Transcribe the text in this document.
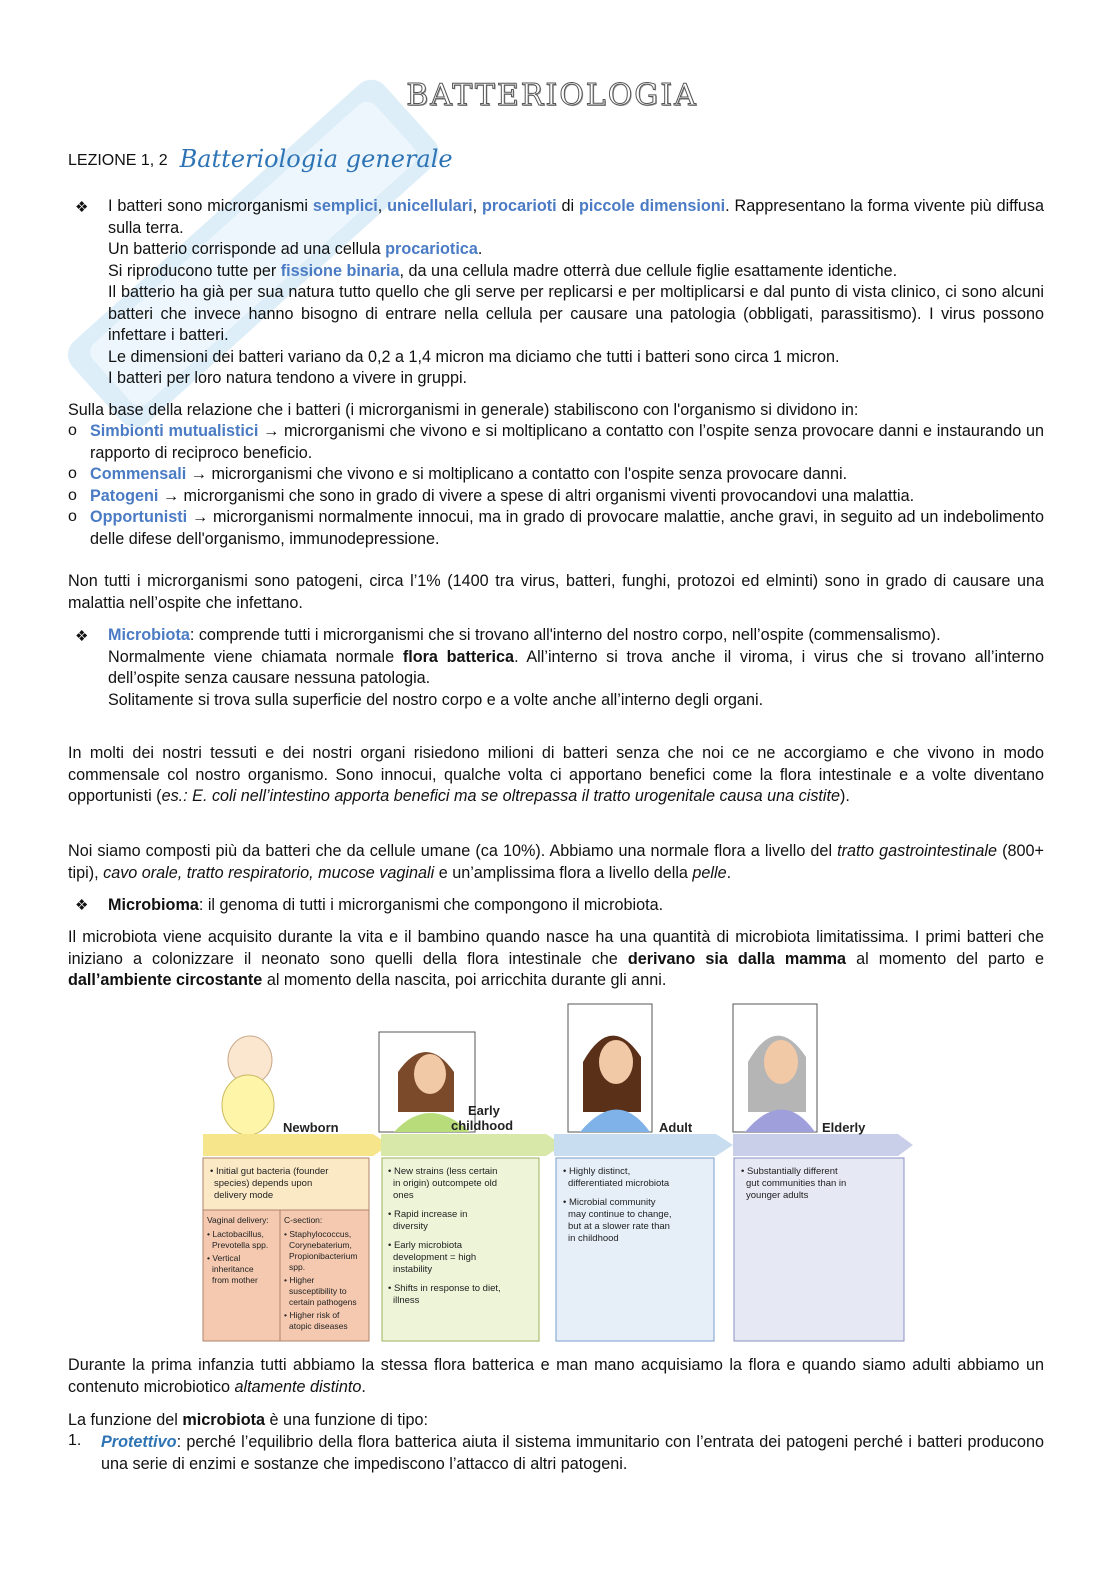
BATTERIOLOGIA
LEZIONE 1, 2 Batteriologia generale
❖ I batteri sono microrganismi semplici, unicellulari, procarioti di piccole dimensioni. Rappresentano la forma vivente più diffusa sulla terra.

Un batterio corrisponde ad una cellula procariotica.

Si riproducono tutte per fissione binaria, da una cellula madre otterrà due cellule figlie esattamente identiche.

Il batterio ha già per sua natura tutto quello che gli serve per replicarsi e per moltiplicarsi e dal punto di vista clinico, ci sono alcuni batteri che invece hanno bisogno di entrare nella cellula per causare una patologia (obbligati, parassitismo). I virus possono infettare i batteri.

Le dimensioni dei batteri variano da 0,2 a 1,4 micron ma diciamo che tutti i batteri sono circa 1 micron.

I batteri per loro natura tendono a vivere in gruppi.

Sulla base della relazione che i batteri (i microrganismi in generale) stabiliscono con l'organismo si dividono in:
o Simbionti mutualistici → microrganismi che vivono e si moltiplicano a contatto con l’ospite senza provocare danni e instaurando un rapporto di reciproco beneficio.
o Commensali → microrganismi che vivono e si moltiplicano a contatto con l'ospite senza provocare danni.
o Patogeni → microrganismi che sono in grado di vivere a spese di altri organismi viventi provocandovi una malattia.
o Opportunisti → microrganismi normalmente innocui, ma in grado di provocare malattie, anche gravi, in seguito ad un indebolimento delle difese dell'organismo, immunodepressione.
Non tutti i microrganismi sono patogeni, circa l’1% (1400 tra virus, batteri, funghi, protozoi ed elminti) sono in grado di causare una malattia nell’ospite che infettano.
❖ Microbiota: comprende tutti i microrganismi che si trovano all'interno del nostro corpo, nell’ospite (commensalismo).

Normalmente viene chiamata normale flora batterica. All’interno si trova anche il viroma, i virus che si trovano all’interno dell’ospite senza causare nessuna patologia.

Solitamente si trova sulla superficie del nostro corpo e a volte anche all’interno degli organi.

In molti dei nostri tessuti e dei nostri organi risiedono milioni di batteri senza che noi ce ne accorgiamo e che vivono in modo commensale col nostro organismo. Sono innocui, qualche volta ci apportano benefici come la flora intestinale e a volte diventano opportunisti (es.: E. coli nell’intestino apporta benefici ma se oltrepassa il tratto urogenitale causa una cistite).
Noi siamo composti più da batteri che da cellule umane (ca 10%). Abbiamo una normale flora a livello del tratto gastrointestinale (800+ tipi), cavo orale, tratto respiratorio, mucose vaginali e un’amplissima flora a livello della pelle.
❖ Microbioma: il genoma di tutti i microrganismi che compongono il microbiota.
Il microbiota viene acquisito durante la vita e il bambino quando nasce ha una quantità di microbiota limitatissima. I primi batteri che iniziano a colonizzare il neonato sono quelli della flora intestinale che derivano sia dalla mamma al momento del parto e dall’ambiente circostante al momento della nascita, poi arricchita durante gli anni.
Newborn
Early
childhood	Adult	Elderly
• Initial gut bacteria (founder
species) depends upon
delivery mode
Vaginal delivery:
• Lactobacillus,
Prevotella spp.
• Vertical
inheritance
from mother
C-section:
• Staphylococcus,
Corynebaterium,
Propionibacterium
spp.
• Higher
susceptibility to
certain pathogens
• Higher risk of
atopic diseases
• New strains (less certain
in origin) outcompete old
ones
• Rapid increase in
diversity
• Early microbiota
development = high
instability
• Shifts in response to diet,
illness
• Highly distinct,
differentiated microbiota
• Microbial community
may continue to change,
but at a slower rate than
in childhood
• Substantially different
gut communities than in
younger adults
Durante la prima infanzia tutti abbiamo la stessa flora batterica e man mano acquisiamo la flora e quando siamo adulti abbiamo un contenuto microbiotico altamente distinto.
La funzione del microbiota è una funzione di tipo:
1. Protettivo: perché l’equilibrio della flora batterica aiuta il sistema immunitario con l’entrata dei patogeni perché i batteri producono una serie di enzimi e sostanze che impediscono l’attacco di altri patogeni.
